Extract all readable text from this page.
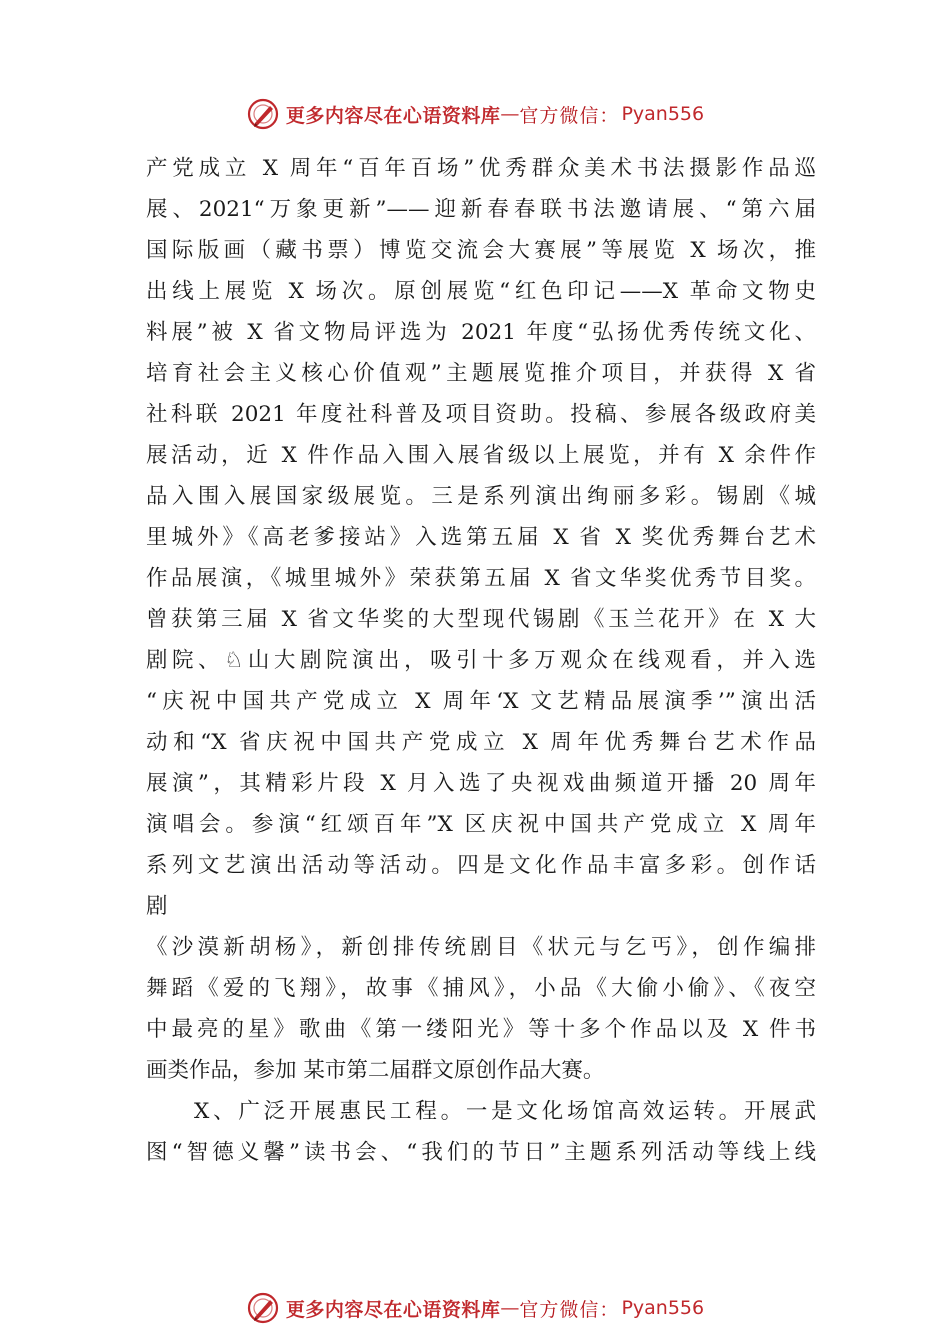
更多内容尽在心语资料库 — 官方微信： Pyan556
产党成立 X 周年“百年百场”优秀群众美术书法摄影作品巡
展、2021“万象更新”——迎新春春联书法邀请展、“第六届
国际版画（藏书票）博览交流会大赛展”等展览 X 场次，推
出线上展览 X 场次。原创展览“红色印记——X 革命文物史
料展”被 X 省文物局评选为 2021 年度“弘扬优秀传统文化、
培育社会主义核心价值观”主题展览推介项目，并获得 X 省
社科联 2021 年度社科普及项目资助。投稿、参展各级政府美
展活动，近 X 件作品入围入展省级以上展览，并有 X 余件作
品入围入展国家级展览。三是系列演出绚丽多彩。锡剧《城
里城外》《高老爹接站》入选第五届 X 省 X 奖优秀舞台艺术
作品展演，《城里城外》荣获第五届 X 省文华奖优秀节目奖。
曾获第三届 X 省文华奖的大型现代锡剧《玉兰花开》在 X 大
剧院、♘山大剧院演出，吸引十多万观众在线观看，并入选
“庆祝中国共产党成立 X 周年‘X 文艺精品展演季’”演出活
动和“X 省庆祝中国共产党成立 X 周年优秀舞台艺术作品
展演”，其精彩片段 X 月入选了央视戏曲频道开播 20 周年
演唱会。参演“红颂百年”X 区庆祝中国共产党成立 X 周年
系列文艺演出活动等活动。四是文化作品丰富多彩。创作话
剧
《沙漠新胡杨》，新创排传统剧目《状元与乞丐》，创作编排
舞蹈《爱的飞翔》，故事《捕风》，小品《大偷小偷》、《夜空
中最亮的星》歌曲《第一缕阳光》等十多个作品以及 X 件书
画类作品，参加 某市第二届群文原创作品大赛。
X、广泛开展惠民工程。一是文化场馆高效运转。开展武
图“智德义馨”读书会、“我们的节日”主题系列活动等线上线
更多内容尽在心语资料库 — 官方微信： Pyan556
